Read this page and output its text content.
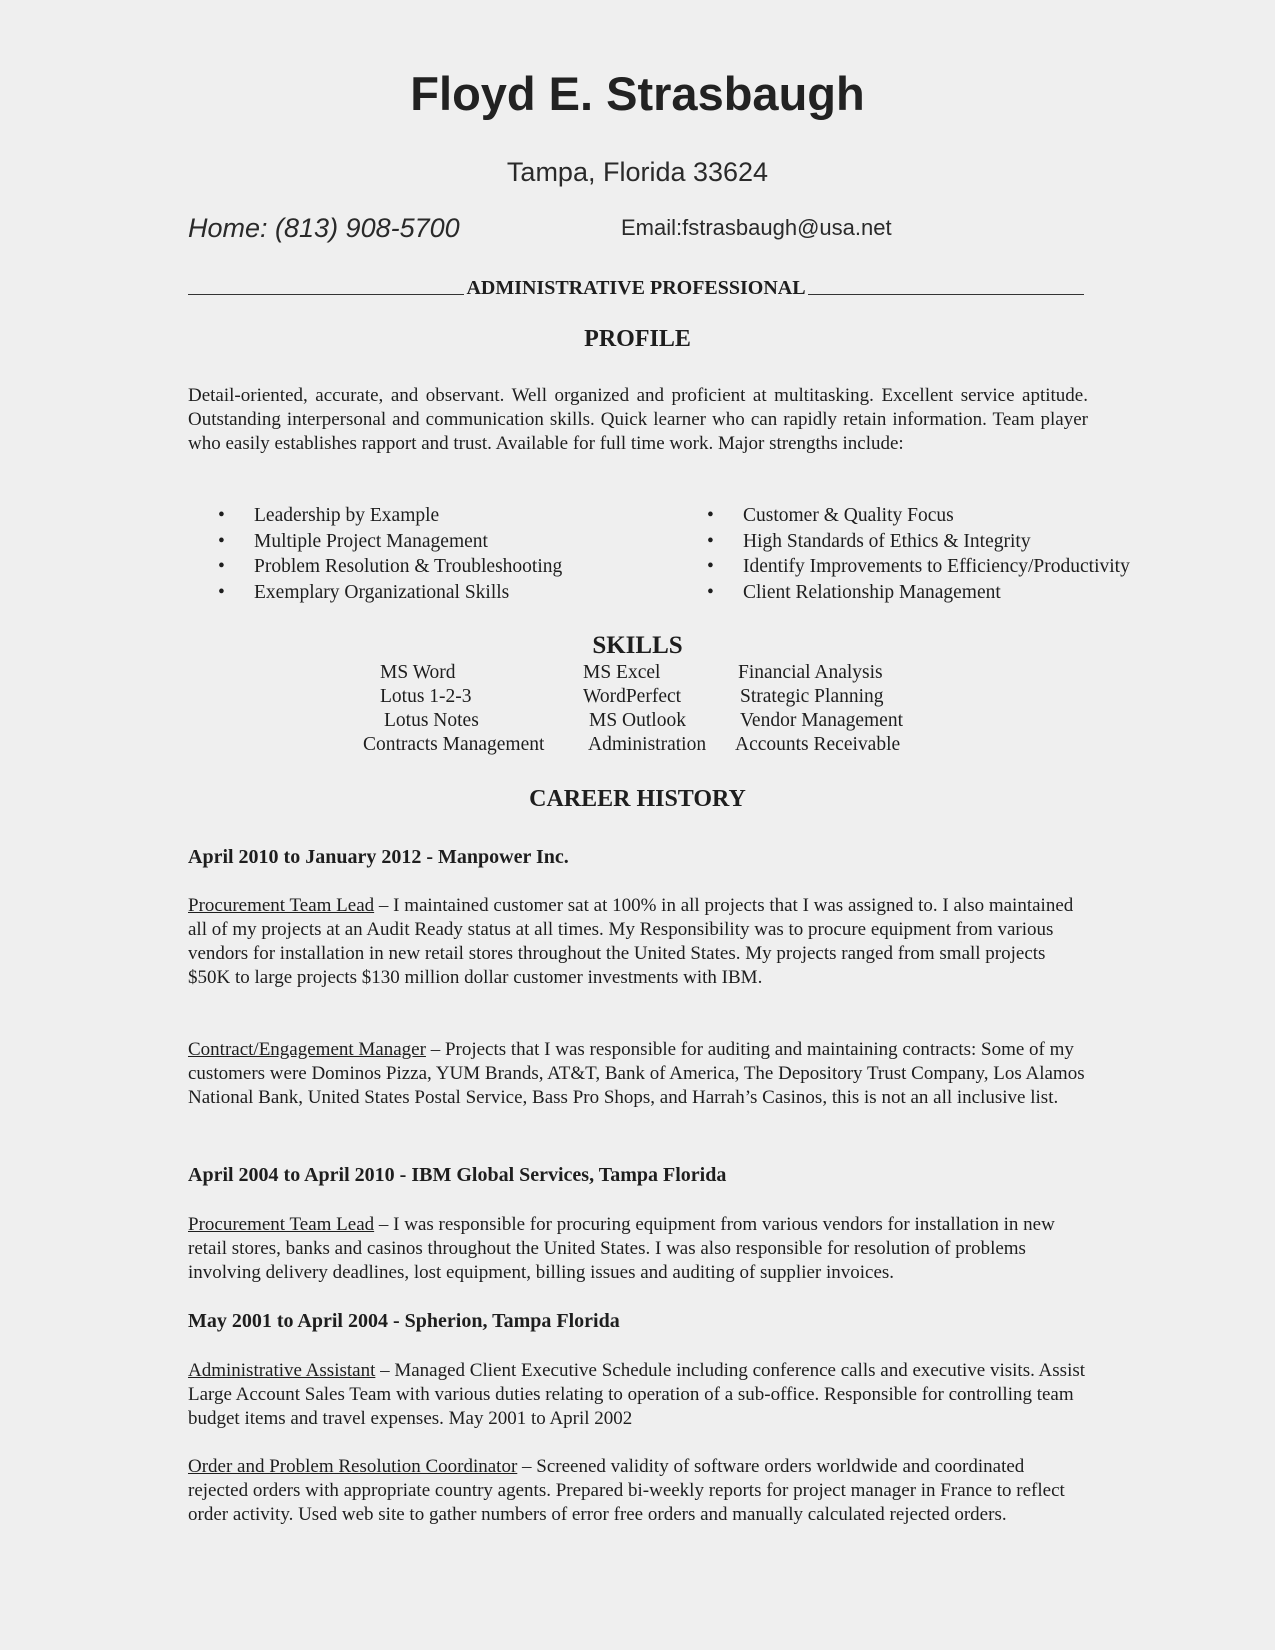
Floyd E. Strasbaugh
Tampa, Florida 33624
Home: (813) 908-5700	Email:fstrasbaugh@usa.net
ADMINISTRATIVE PROFESSIONAL
PROFILE
Detail-oriented, accurate, and observant. Well organized and proficient at multitasking. Excellent service aptitude. Outstanding interpersonal and communication skills. Quick learner who can rapidly retain information. Team player who easily establishes rapport and trust. Available for full time work. Major strengths include:
• Leadership by Example
• Multiple Project Management
• Problem Resolution & Troubleshooting
• Exemplary Organizational Skills
• Customer & Quality Focus
• High Standards of Ethics & Integrity
• Identify Improvements to Efficiency/Productivity
• Client Relationship Management
SKILLS
MS Word
Lotus 1-2-3
Lotus Notes
Contracts Management
MS Excel
WordPerfect
MS Outlook
Administration
Financial Analysis
Strategic Planning
Vendor Management
Accounts Receivable
CAREER HISTORY
April 2010 to January 2012 - Manpower Inc.
Procurement Team Lead – I maintained customer sat at 100% in all projects that I was assigned to. I also maintained all of my projects at an Audit Ready status at all times. My Responsibility was to procure equipment from various vendors for installation in new retail stores throughout the United States. My projects ranged from small projects $50K to large projects $130 million dollar customer investments with IBM.
Contract/Engagement Manager – Projects that I was responsible for auditing and maintaining contracts: Some of my customers were Dominos Pizza, YUM Brands, AT&T, Bank of America, The Depository Trust Company, Los Alamos National Bank, United States Postal Service, Bass Pro Shops, and Harrah’s Casinos, this is not an all inclusive list.
April 2004 to April 2010 - IBM Global Services, Tampa Florida
Procurement Team Lead – I was responsible for procuring equipment from various vendors for installation in new retail stores, banks and casinos throughout the United States. I was also responsible for resolution of problems involving delivery deadlines, lost equipment, billing issues and auditing of supplier invoices.
May 2001 to April 2004 - Spherion, Tampa Florida
Administrative Assistant – Managed Client Executive Schedule including conference calls and executive visits. Assist Large Account Sales Team with various duties relating to operation of a sub-office. Responsible for controlling team budget items and travel expenses. May 2001 to April 2002
Order and Problem Resolution Coordinator – Screened validity of software orders worldwide and coordinated rejected orders with appropriate country agents. Prepared bi-weekly reports for project manager in France to reflect order activity. Used web site to gather numbers of error free orders and manually calculated rejected orders.
